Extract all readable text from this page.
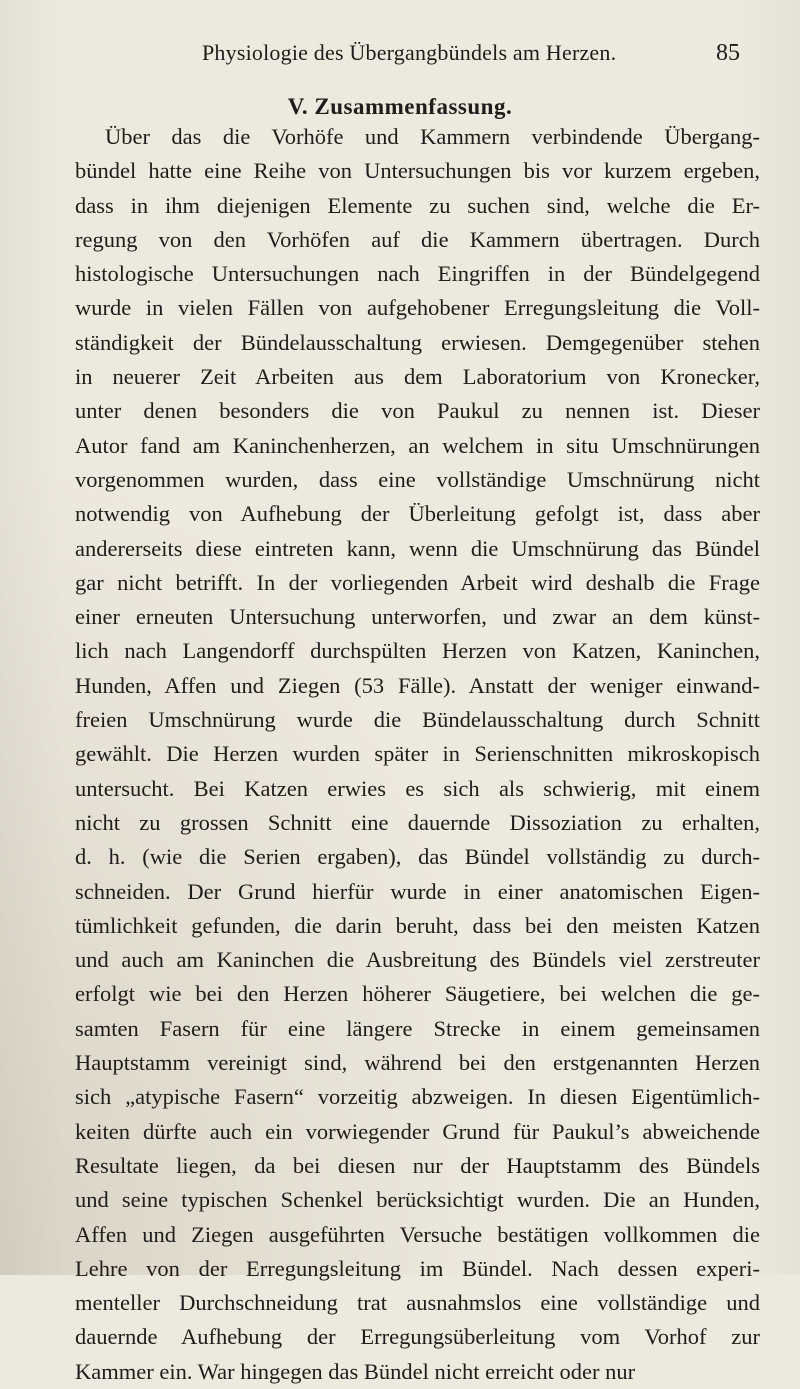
Physiologie des Übergangbündels am Herzen.	85
V. Zusammenfassung.
Über das die Vorhöfe und Kammern verbindende Übergang-
bündel hatte eine Reihe von Untersuchungen bis vor kurzem ergeben,
dass in ihm diejenigen Elemente zu suchen sind, welche die Er-
regung von den Vorhöfen auf die Kammern übertragen. Durch
histologische Untersuchungen nach Eingriffen in der Bündelgegend
wurde in vielen Fällen von aufgehobener Erregungsleitung die Voll-
ständigkeit der Bündelausschaltung erwiesen. Demgegenüber stehen
in neuerer Zeit Arbeiten aus dem Laboratorium von Kronecker,
unter denen besonders die von Paukul zu nennen ist. Dieser
Autor fand am Kaninchenherzen, an welchem in situ Umschnürungen
vorgenommen wurden, dass eine vollständige Umschnürung nicht
notwendig von Aufhebung der Überleitung gefolgt ist, dass aber
andererseits diese eintreten kann, wenn die Umschnürung das Bündel
gar nicht betrifft. In der vorliegenden Arbeit wird deshalb die Frage
einer erneuten Untersuchung unterworfen, und zwar an dem künst-
lich nach Langendorff durchspülten Herzen von Katzen, Kaninchen,
Hunden, Affen und Ziegen (53 Fälle). Anstatt der weniger einwand-
freien Umschnürung wurde die Bündelausschaltung durch Schnitt
gewählt. Die Herzen wurden später in Serienschnitten mikroskopisch
untersucht. Bei Katzen erwies es sich als schwierig, mit einem
nicht zu grossen Schnitt eine dauernde Dissoziation zu erhalten,
d. h. (wie die Serien ergaben), das Bündel vollständig zu durch-
schneiden. Der Grund hierfür wurde in einer anatomischen Eigen-
tümlichkeit gefunden, die darin beruht, dass bei den meisten Katzen
und auch am Kaninchen die Ausbreitung des Bündels viel zerstreuter
erfolgt wie bei den Herzen höherer Säugetiere, bei welchen die ge-
samten Fasern für eine längere Strecke in einem gemeinsamen
Hauptstamm vereinigt sind, während bei den erstgenannten Herzen
sich „atypische Fasern“ vorzeitig abzweigen. In diesen Eigentümlich-
keiten dürfte auch ein vorwiegender Grund für Paukul’s abweichende
Resultate liegen, da bei diesen nur der Hauptstamm des Bündels
und seine typischen Schenkel berücksichtigt wurden. Die an Hunden,
Affen und Ziegen ausgeführten Versuche bestätigen vollkommen die
Lehre von der Erregungsleitung im Bündel. Nach dessen experi-
menteller Durchschneidung trat ausnahmslos eine vollständige und
dauernde Aufhebung der Erregungsüberleitung vom Vorhof zur
Kammer ein. War hingegen das Bündel nicht erreicht oder nur
